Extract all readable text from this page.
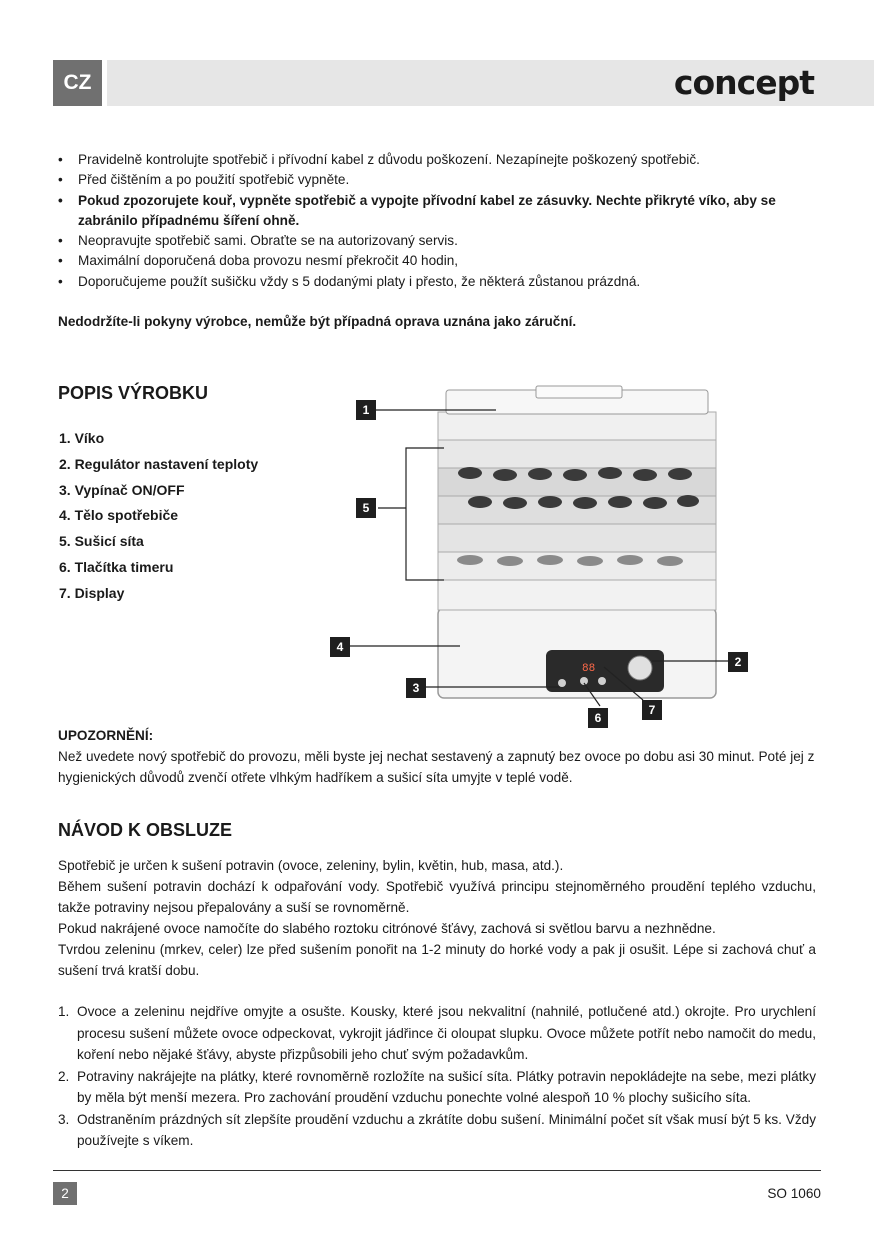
CZ	concept
• Pravidelně kontrolujte spotřebič i přívodní kabel z důvodu poškození. Nezapínejte poškozený spotřebič.
• Před čištěním a po použití spotřebič vypněte.
• Pokud zpozorujete kouř, vypněte spotřebič a vypojte přívodní kabel ze zásuvky. Nechte přikryté víko, aby se zabránilo případnému šíření ohně.
• Neopravujte spotřebič sami. Obraťte se na autorizovaný servis.
• Maximální doporučená doba provozu nesmí překročit 40 hodin,
• Doporučujeme použít sušičku vždy s 5 dodanými platy i přesto, že některá zůstanou prázdná.
Nedodržíte-li pokyny výrobce, nemůže být případná oprava uznána jako záruční.
POPIS VÝROBKU
1. Víko
2. Regulátor nastavení teploty
3. Vypínač ON/OFF
4. Tělo spotřebiče
5. Sušicí síta
6. Tlačítka timeru
7. Display
88
1
2
3
4
5
6
7
UPOZORNĚNÍ:
Než uvedete nový spotřebič do provozu, měli byste jej nechat sestavený a zapnutý bez ovoce po dobu asi 30 minut. Poté jej z hygienických důvodů zvenčí otřete vlhkým hadříkem a sušicí síta umyjte v teplé vodě.
NÁVOD K OBSLUZE

Spotřebič je určen k sušení potravin (ovoce, zeleniny, bylin, květin, hub, masa, atd.).

Během sušení potravin dochází k odpařování vody. Spotřebič využívá principu stejnoměrného proudění teplého vzduchu, takže potraviny nejsou přepalovány a suší se rovnoměrně.

Pokud nakrájené ovoce namočíte do slabého roztoku citrónové šťávy, zachová si světlou barvu a nezhnědne.

Tvrdou zeleninu (mrkev, celer) lze před sušením ponořit na 1-2 minuty do horké vody a pak ji osušit. Lépe si zachová chuť a sušení trvá kratší dobu.

1. Ovoce a zeleninu nejdříve omyjte a osušte. Kousky, které jsou nekvalitní (nahnilé, potlučené atd.) okrojte. Pro urychlení procesu sušení můžete ovoce odpeckovat, vykrojit jádřince či oloupat slupku. Ovoce můžete potřít nebo namočit do medu, koření nebo nějaké šťávy, abyste přizpůsobili jeho chuť svým požadavkům.
2. Potraviny nakrájejte na plátky, které rovnoměrně rozložíte na sušicí síta. Plátky potravin nepokládejte na sebe, mezi plátky by měla být menší mezera. Pro zachování proudění vzduchu ponechte volné alespoň 10 % plochy sušicího síta.
3. Odstraněním prázdných sít zlepšíte proudění vzduchu a zkrátíte dobu sušení. Minimální počet sít však musí být 5 ks. Vždy používejte s víkem.
2	SO 1060
